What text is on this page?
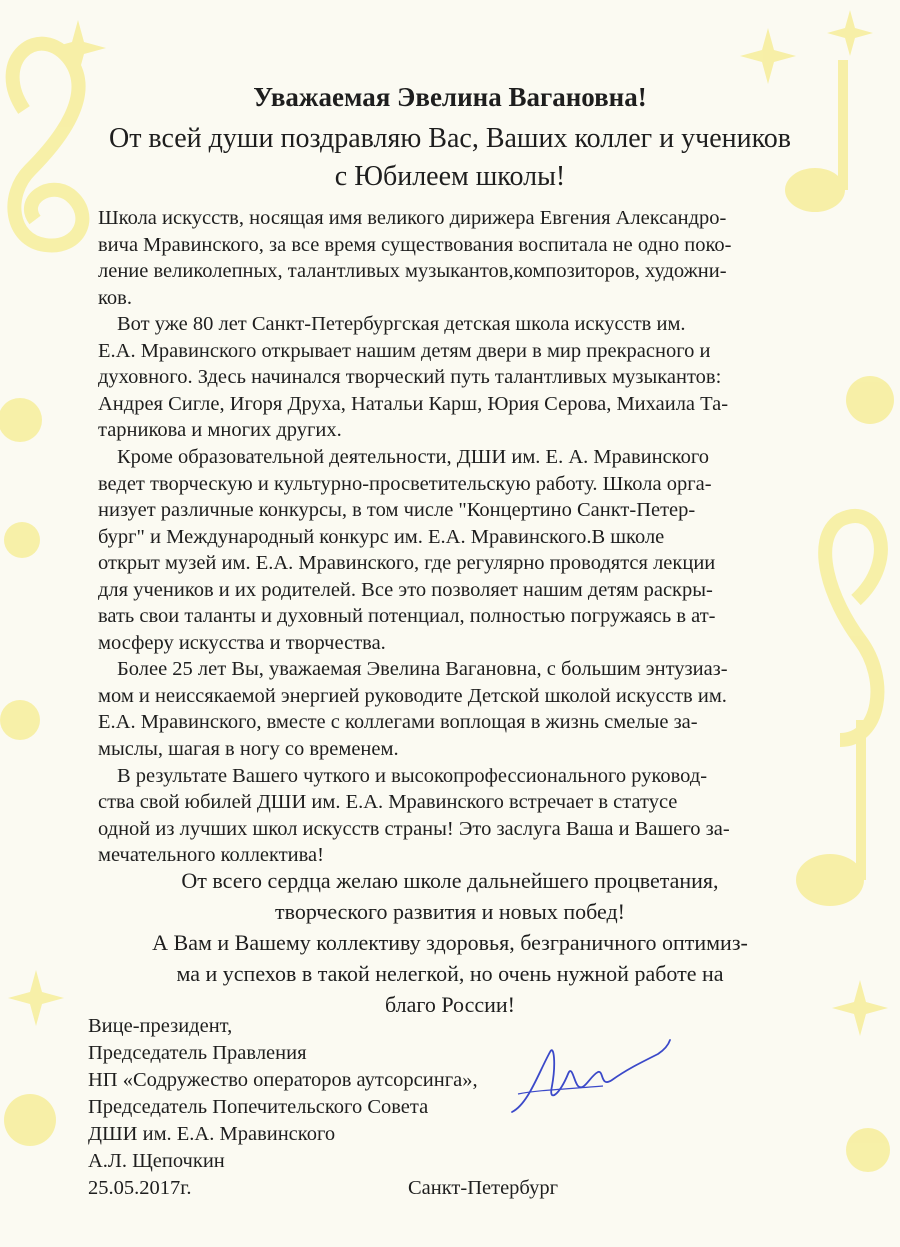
Уважаемая Эвелина Вагановна!
От всей души поздравляю Вас, Ваших коллег и учеников с Юбилеем школы!
Школа искусств, носящая имя великого дирижера Евгения Александро-
вича Мравинского, за все время существования воспитала не одно поко-
ление великолепных, талантливых музыкантов,композиторов, художни-
ков.
Вот уже 80 лет Санкт-Петербургская детская школа искусств им.
Е.А. Мравинского открывает нашим детям двери в мир прекрасного и
духовного. Здесь начинался творческий путь талантливых музыкантов:
Андрея Сигле, Игоря Друха, Натальи Карш, Юрия Серова, Михаила Та-
тарникова и многих других.
Кроме образовательной деятельности, ДШИ им. Е. А. Мравинского
ведет творческую и культурно-просветительскую работу. Школа орга-
низует различные конкурсы, в том числе "Концертино Санкт-Петер-
бург" и Международный конкурс им. Е.А. Мравинского.В школе
открыт музей им. Е.А. Мравинского, где регулярно проводятся лекции
для учеников и их родителей. Все это позволяет нашим детям раскры-
вать свои таланты и духовный потенциал, полностью погружаясь в ат-
мосферу искусства и творчества.
Более 25 лет Вы, уважаемая Эвелина Вагановна, с большим энтузиаз-
мом и неиссякаемой энергией руководите Детской школой искусств им.
Е.А. Мравинского, вместе с коллегами воплощая в жизнь смелые за-
мыслы, шагая в ногу со временем.
В результате Вашего чуткого и высокопрофессионального руковод-
ства свой юбилей ДШИ им. Е.А. Мравинского встречает в статусе
одной из лучших школ искусств страны! Это заслуга Ваша и Вашего за-
мечательного коллектива!
От всего сердца желаю школе дальнейшего процветания,
творческого развития и новых побед!
А Вам и Вашему коллективу здоровья, безграничного оптимиз-
ма и успехов в такой нелегкой, но очень нужной работе на
благо России!
Вице-президент,
Председатель Правления
НП «Содружество операторов аутсорсинга»,
Председатель Попечительского Совета
ДШИ им. Е.А. Мравинского
А.Л. Щепочкин
25.05.2017г.	Санкт-Петербург
